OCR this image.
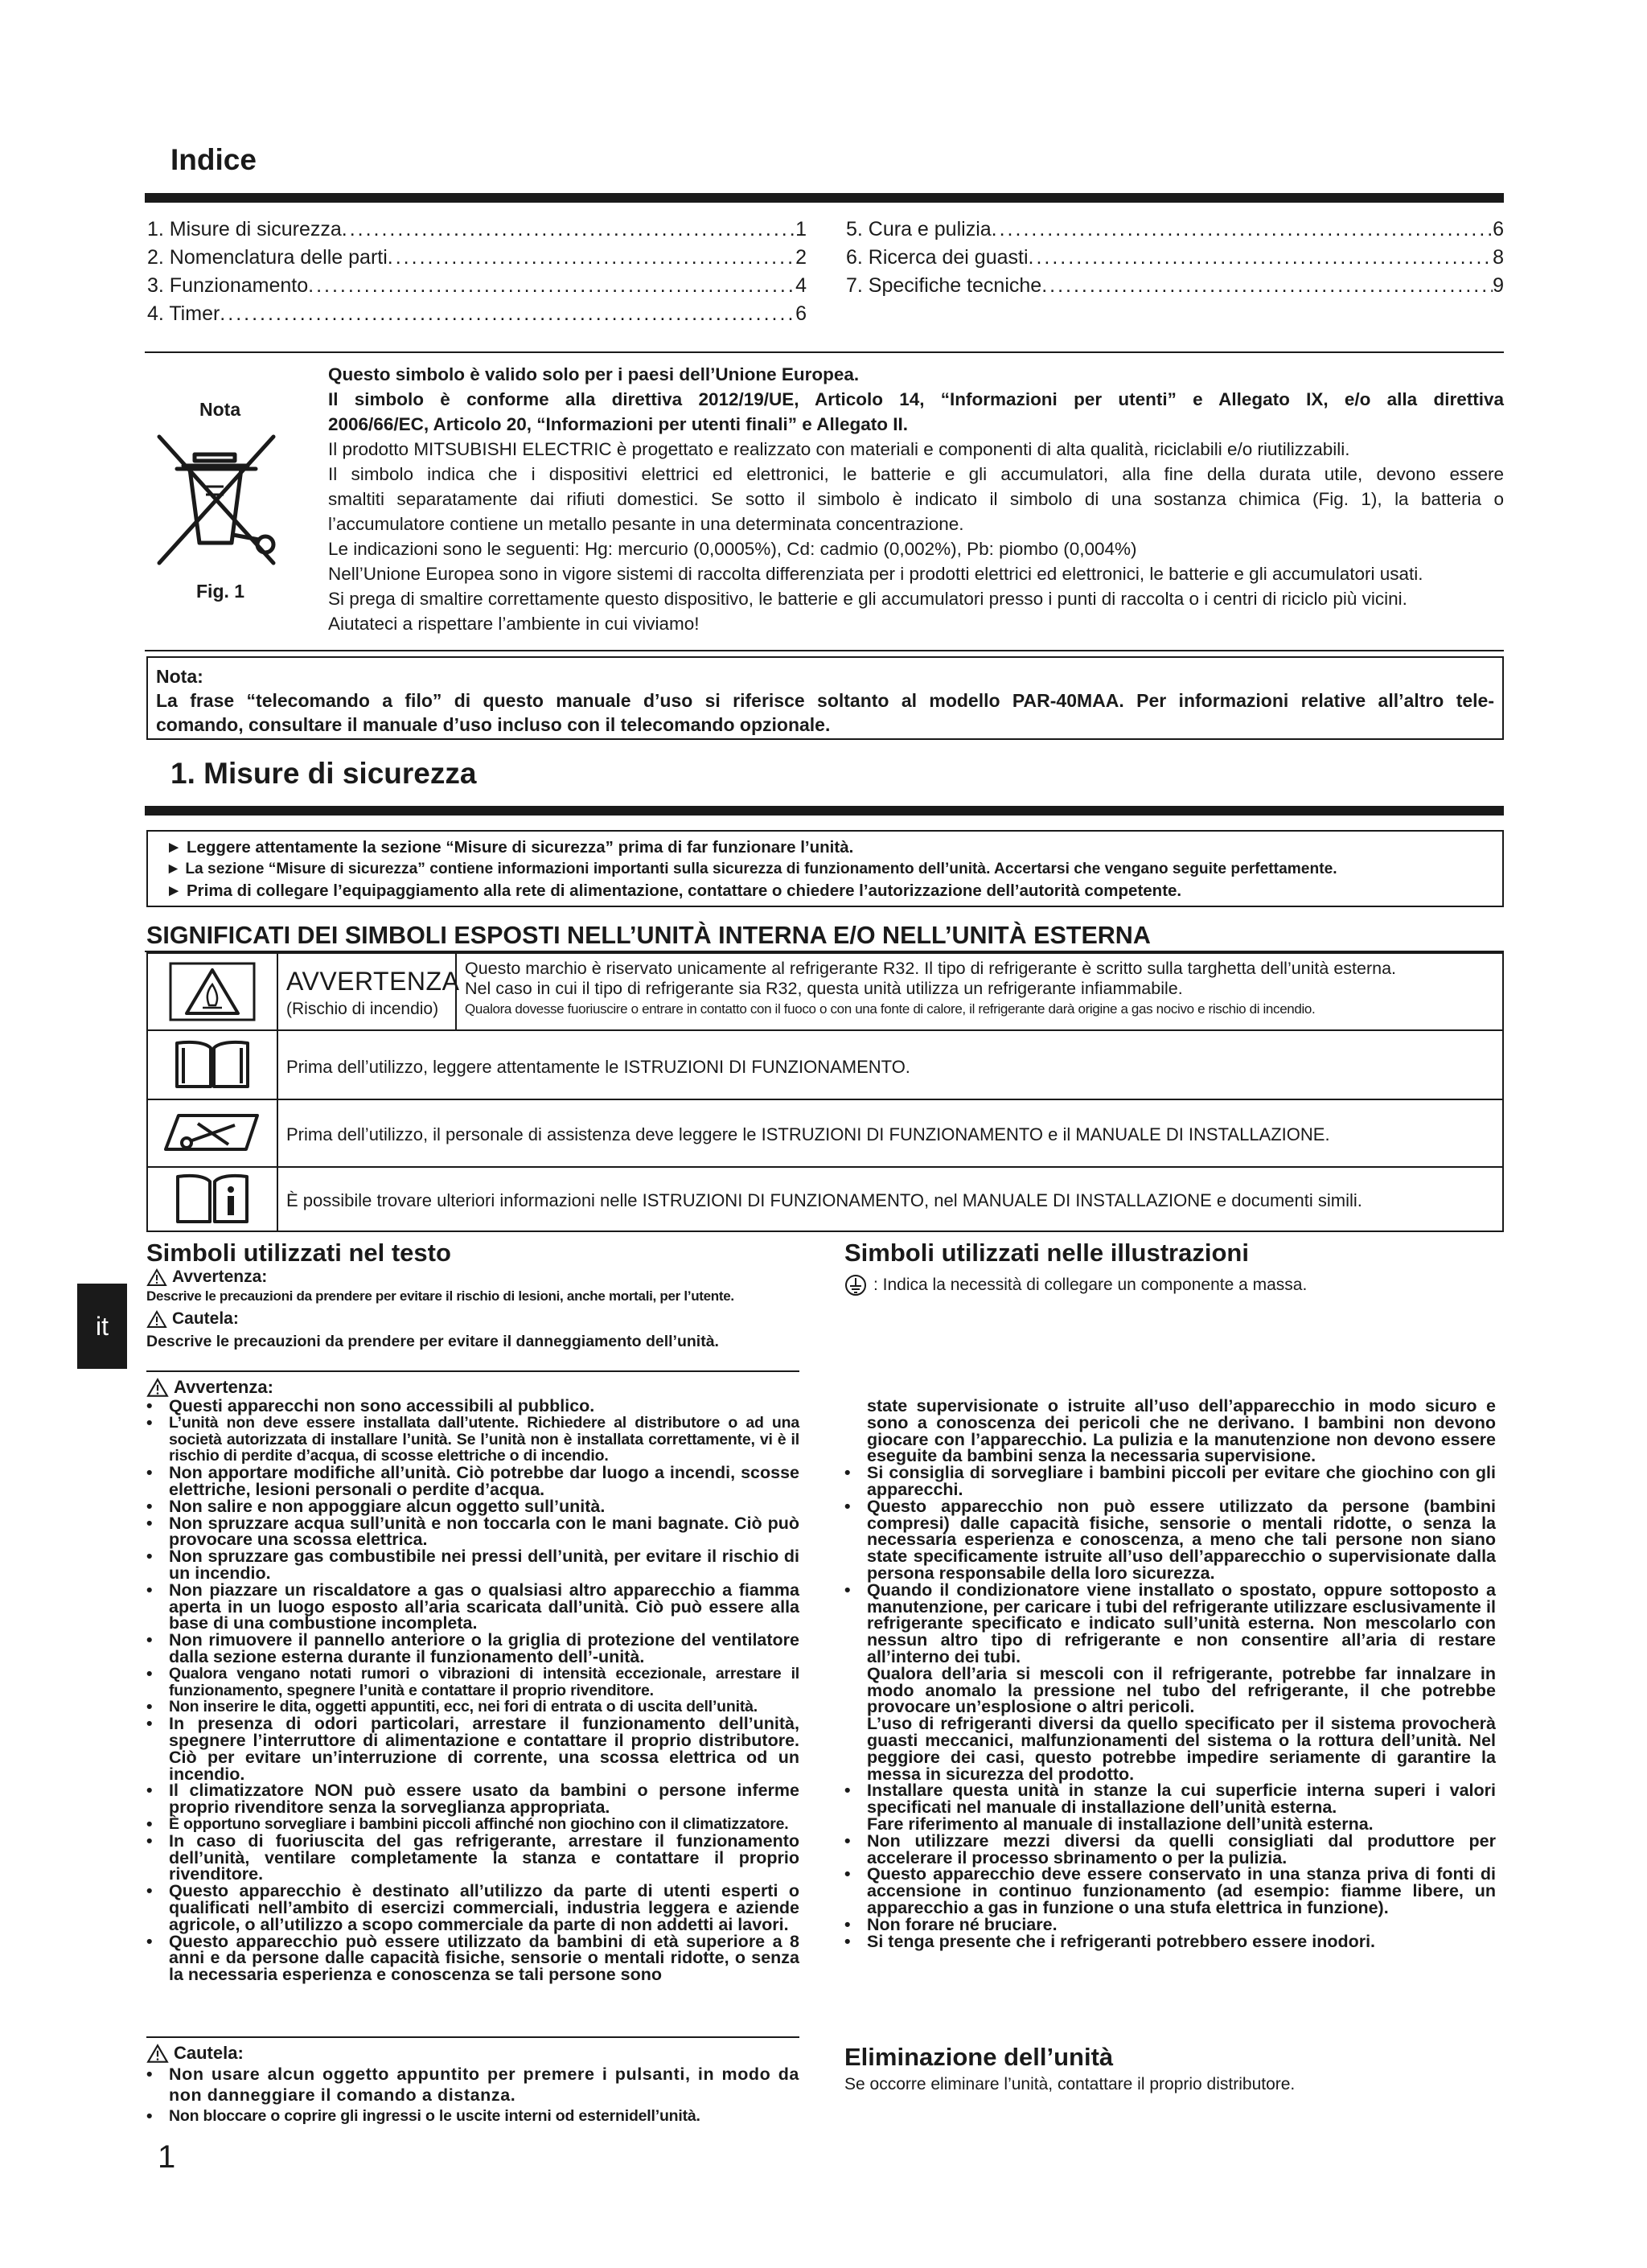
Indice
1. Misure di sicurezza .....	1
2. Nomenclatura delle parti .....	2
3. Funzionamento .....	4
4. Timer .....	6
5. Cura e pulizia .....	6
6. Ricerca dei guasti .....	8
7. Specifiche tecniche .....	9
Nota
Fig. 1
Questo simbolo è valido solo per i paesi dell’Unione Europea.
Il simbolo è conforme alla direttiva 2012/19/UE, Articolo 14, “Informazioni per utenti” e Allegato IX, e/o alla direttiva
2006/66/EC, Articolo 20, “Informazioni per utenti finali” e Allegato II.
Il prodotto MITSUBISHI ELECTRIC è progettato e realizzato con materiali e componenti di alta qualità, riciclabili e/o riutilizzabili.
Il simbolo indica che i dispositivi elettrici ed elettronici, le batterie e gli accumulatori, alla fine della durata utile, devono essere
smaltiti separatamente dai rifiuti domestici. Se sotto il simbolo è indicato il simbolo di una sostanza chimica (Fig. 1), la batteria o
l’accumulatore contiene un metallo pesante in una determinata concentrazione.
Le indicazioni sono le seguenti: Hg: mercurio (0,0005%), Cd: cadmio (0,002%), Pb: piombo (0,004%)
Nell’Unione Europea sono in vigore sistemi di raccolta differenziata per i prodotti elettrici ed elettronici, le batterie e gli accumulatori usati.
Si prega di smaltire correttamente questo dispositivo, le batterie e gli accumulatori presso i punti di raccolta o i centri di riciclo più vicini.
Aiutateci a rispettare l’ambiente in cui viviamo!
Nota:
La frase “telecomando a filo” di questo manuale d’uso si riferisce soltanto al modello PAR-40MAA. Per informazioni relative all’altro tele-
comando, consultare il manuale d’uso incluso con il telecomando opzionale.
1. Misure di sicurezza
► Leggere attentamente la sezione “Misure di sicurezza” prima di far funzionare l’unità.
► La sezione “Misure di sicurezza” contiene informazioni importanti sulla sicurezza di funzionamento dell’unità. Accertarsi che vengano seguite perfettamente.
► Prima di collegare l’equipaggiamento alla rete di alimentazione, contattare o chiedere l’autorizzazione dell’autorità competente.
SIGNIFICATI DEI SIMBOLI ESPOSTI NELL’UNITÀ INTERNA E/O NELL’UNITÀ ESTERNA
AVVERTENZA
(Rischio di incendio)
Questo marchio è riservato unicamente al refrigerante R32. Il tipo di refrigerante è scritto sulla targhetta dell’unità esterna.
Nel caso in cui il tipo di refrigerante sia R32, questa unità utilizza un refrigerante infiammabile.
Qualora dovesse fuoriuscire o entrare in contatto con il fuoco o con una fonte di calore, il refrigerante darà origine a gas nocivo e rischio di incendio.
Prima dell’utilizzo, leggere attentamente le ISTRUZIONI DI FUNZIONAMENTO.
Prima dell’utilizzo, il personale di assistenza deve leggere le ISTRUZIONI DI FUNZIONAMENTO e il MANUALE DI INSTALLAZIONE.
È possibile trovare ulteriori informazioni nelle ISTRUZIONI DI FUNZIONAMENTO, nel MANUALE DI INSTALLAZIONE e documenti simili.
Simboli utilizzati nel testo
Avvertenza:
Descrive le precauzioni da prendere per evitare il rischio di lesioni, anche mortali, per l’utente.
Cautela:
Descrive le precauzioni da prendere per evitare il danneggiamento dell’unità.
Simboli utilizzati nelle illustrazioni
: Indica la necessità di collegare un componente a massa.
it
Avvertenza:
• Questi apparecchi non sono accessibili al pubblico.
•	L’unità non deve essere installata dall’utente. Richiedere al distributore o ad una società autorizzata di installare l’unità. Se l’unità non è installata correttamente, vi è il rischio di perdite d’acqua, di scosse elettriche o di incendio.
• Non apportare modifiche all’unità. Ciò potrebbe dar luogo a incendi, scosse elettriche, lesioni personali o perdite d’acqua.
• Non salire e non appoggiare alcun oggetto sull’unità.
• Non spruzzare acqua sull’unità e non toccarla con le mani bagnate. Ciò può provocare una scossa elettrica.
• Non spruzzare gas combustibile nei pressi dell’unità, per evitare il rischio di un incendio.
• Non piazzare un riscaldatore a gas o qualsiasi altro apparecchio a fiamma aperta in un luogo esposto all’aria scaricata dall’unità. Ciò può essere alla base di una combustione incompleta.
• Non rimuovere il pannello anteriore o la griglia di protezione del ventilatore dalla sezione esterna durante il funzionamento dell’-unità.
•	Qualora vengano notati rumori o vibrazioni di intensità eccezionale, arrestare il funzionamento, spegnere l’unità e contattare il proprio rivenditore.
•	Non inserire le dita, oggetti appuntiti, ecc, nei fori di entrata o di uscita dell’unità.
• In presenza di odori particolari, arrestare il funzionamento dell’unità, spegnere l’interruttore di alimentazione e contattare il proprio distributore. Ciò per evitare un’interruzione di corrente, una scossa elettrica od un incendio.
• Il climatizzatore NON può essere usato da bambini o persone inferme proprio rivenditore senza la sorveglianza appropriata.
•	È opportuno sorvegliare i bambini piccoli affinché non giochino con il climatizzatore.
• In caso di fuoriuscita del gas refrigerante, arrestare il funzionamento dell’unità, ventilare completamente la stanza e contattare il proprio rivenditore.
• Questo apparecchio è destinato all’utilizzo da parte di utenti esperti o qualificati nell’ambito di esercizi commerciali, industria leggera e aziende agricole, o all’utilizzo a scopo commerciale da parte di non addetti ai lavori.
• Questo apparecchio può essere utilizzato da bambini di età superiore a 8 anni e da persone dalle capacità fisiche, sensorie o mentali ridotte, o senza la necessaria esperienza e conoscenza se tali persone sono
state supervisionate o istruite all’uso dell’apparecchio in modo sicuro e sono a conoscenza dei pericoli che ne derivano. I bambini non devono giocare con l’apparecchio. La pulizia e la manutenzione non devono essere eseguite da bambini senza la necessaria supervisione.
• Si consiglia di sorvegliare i bambini piccoli per evitare che giochino con gli apparecchi.
• Questo apparecchio non può essere utilizzato da persone (bambini compresi) dalle capacità fisiche, sensorie o mentali ridotte, o senza la necessaria esperienza e conoscenza, a meno che tali persone non siano state specificamente istruite all’uso dell’apparecchio o supervisionate dalla persona responsabile della loro sicurezza.
• Quando il condizionatore viene installato o spostato, oppure sottoposto a manutenzione, per caricare i tubi del refrigerante utilizzare esclusivamente il refrigerante specificato e indicato sull’unità esterna. Non mescolarlo con nessun altro tipo di refrigerante e non consentire all’aria di restare all’interno dei tubi.
Qualora dell’aria si mescoli con il refrigerante, potrebbe far innalzare in modo anomalo la pressione nel tubo del refrigerante, il che potrebbe provocare un’esplosione o altri pericoli.
L’uso di refrigeranti diversi da quello specificato per il sistema provocherà guasti meccanici, malfunzionamenti del sistema o la rottura dell’unità. Nel peggiore dei casi, questo potrebbe impedire seriamente di garantire la messa in sicurezza del prodotto.
• Installare questa unità in stanze la cui superficie interna superi i valori specificati nel manuale di installazione dell’unità esterna.
Fare riferimento al manuale di installazione dell’unità esterna.
• Non utilizzare mezzi diversi da quelli consigliati dal produttore per accelerare il processo sbrinamento o per la pulizia.
• Questo apparecchio deve essere conservato in una stanza priva di fonti di accensione in continuo funzionamento (ad esempio: fiamme libere, un apparecchio a gas in funzione o una stufa elettrica in funzione).
• Non forare né bruciare.
• Si tenga presente che i refrigeranti potrebbero essere inodori.
Cautela:
• Non usare alcun oggetto appuntito per premere i pulsanti, in modo da non danneggiare il comando a distanza.
•	Non bloccare o coprire gli ingressi o le uscite interni od esternidell’unità.
Eliminazione dell’unità
Se occorre eliminare l’unità, contattare il proprio distributore.
1
